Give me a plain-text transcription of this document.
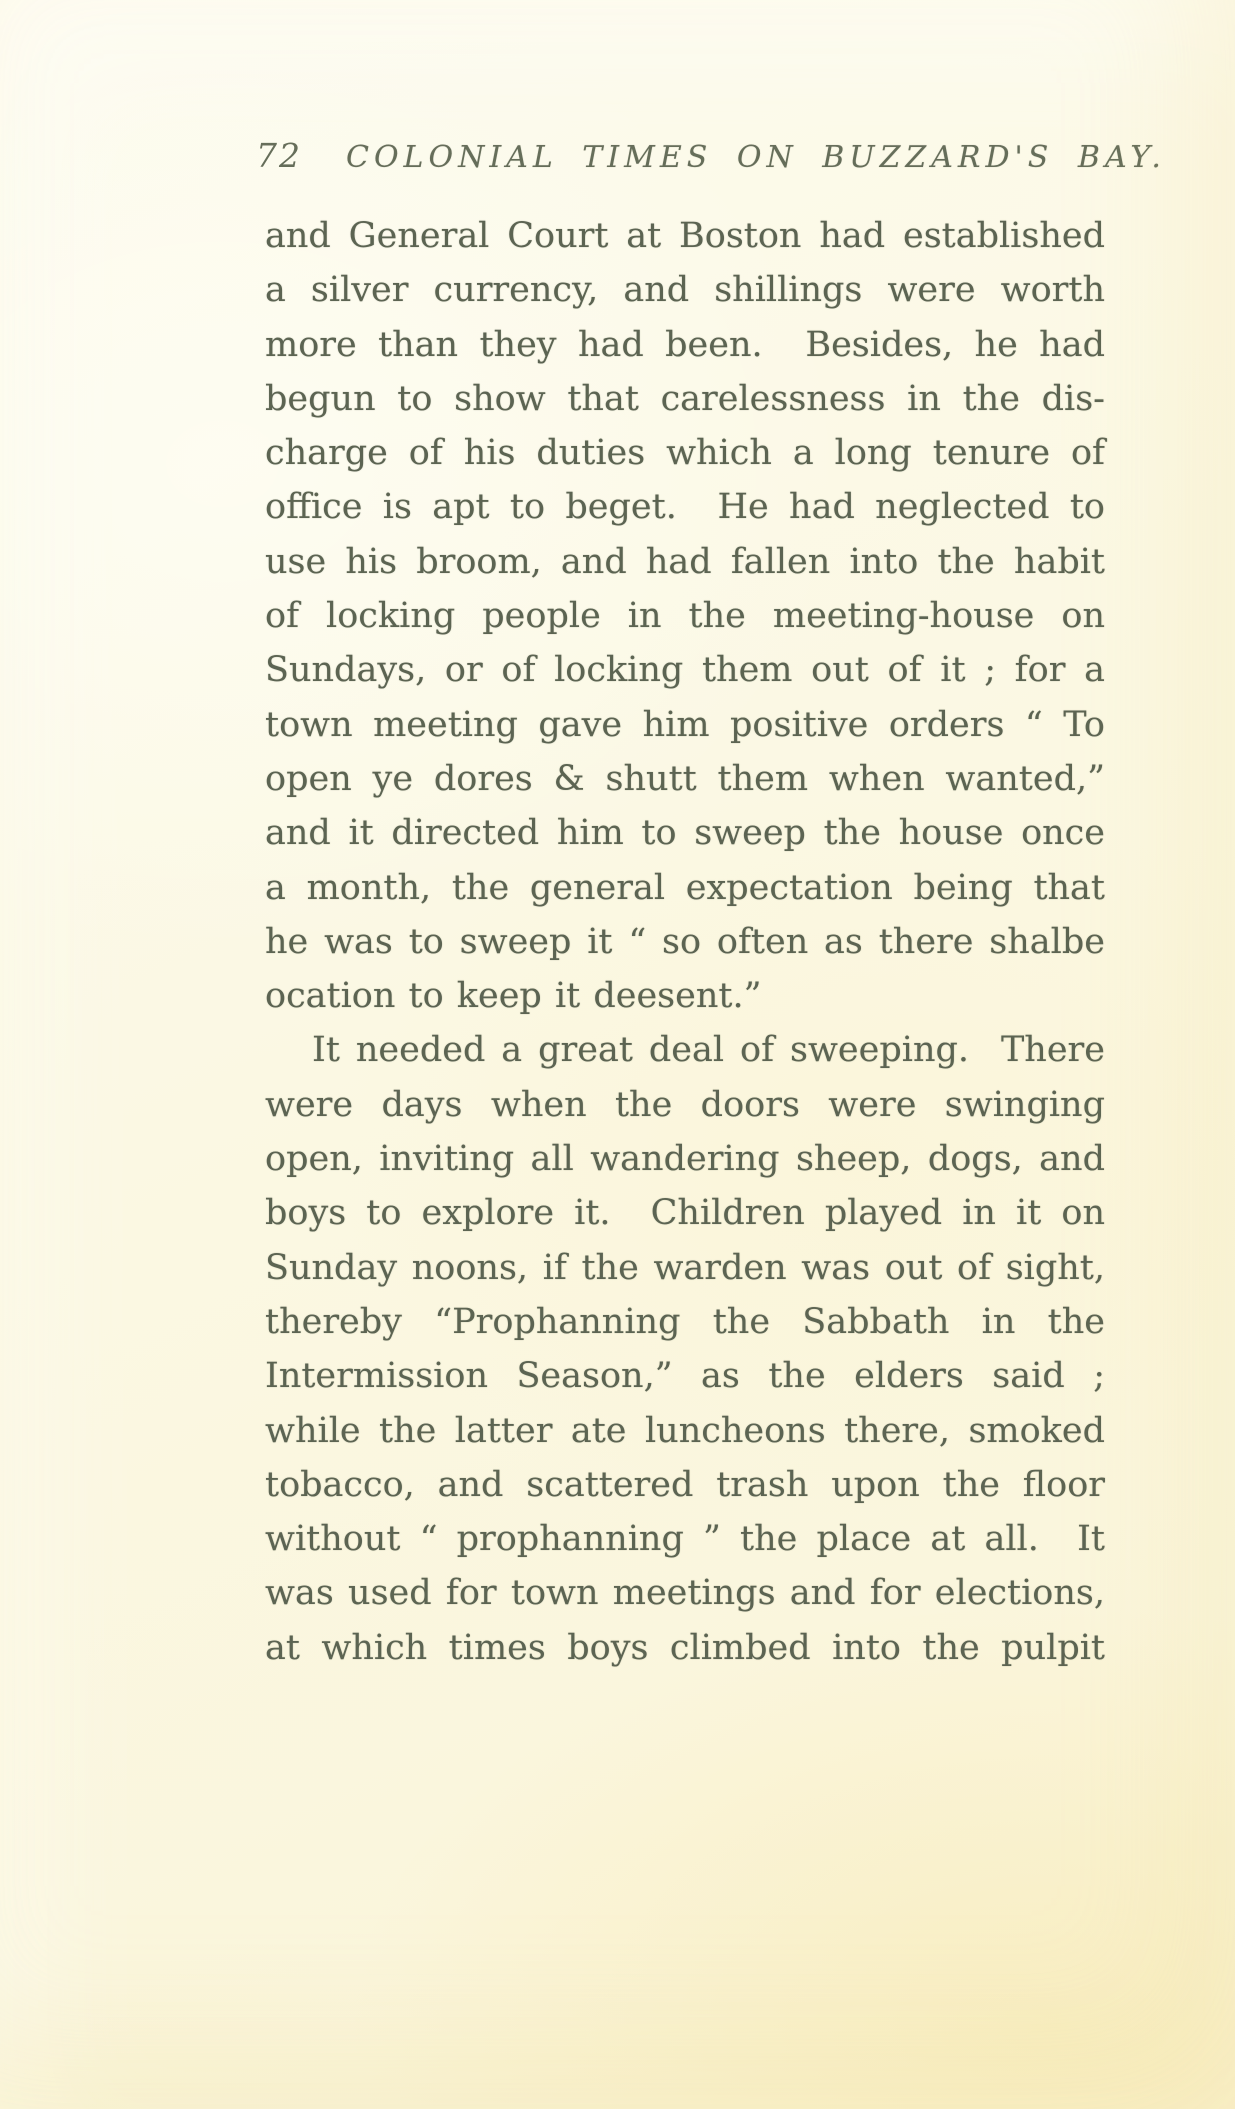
72 COLONIAL TIMES ON BUZZARD'S BAY.
and General Court at Boston had established
a silver currency, and shillings were worth
more than they had been.  Besides, he had
begun to show that carelessness in the dis-
charge of his duties which a long tenure of
office is apt to beget.  He had neglected to
use his broom, and had fallen into the habit
of locking people in the meeting-house on
Sundays, or of locking them out of it ; for a
town meeting gave him positive orders “ To
open ye dores & shutt them when wanted,”
and it directed him to sweep the house once
a month, the general expectation being that
he was to sweep it “ so often as there shalbe
ocation to keep it deesent.”
It needed a great deal of sweeping.  There
were days when the doors were swinging
open, inviting all wandering sheep, dogs, and
boys to explore it.  Children played in it on
Sunday noons, if the warden was out of sight,
thereby “Prophanning the Sabbath in the
Intermission Season,” as the elders said ;
while the latter ate luncheons there, smoked
tobacco, and scattered trash upon the floor
without “ prophanning ” the place at all.  It
was used for town meetings and for elections,
at which times boys climbed into the pulpit
